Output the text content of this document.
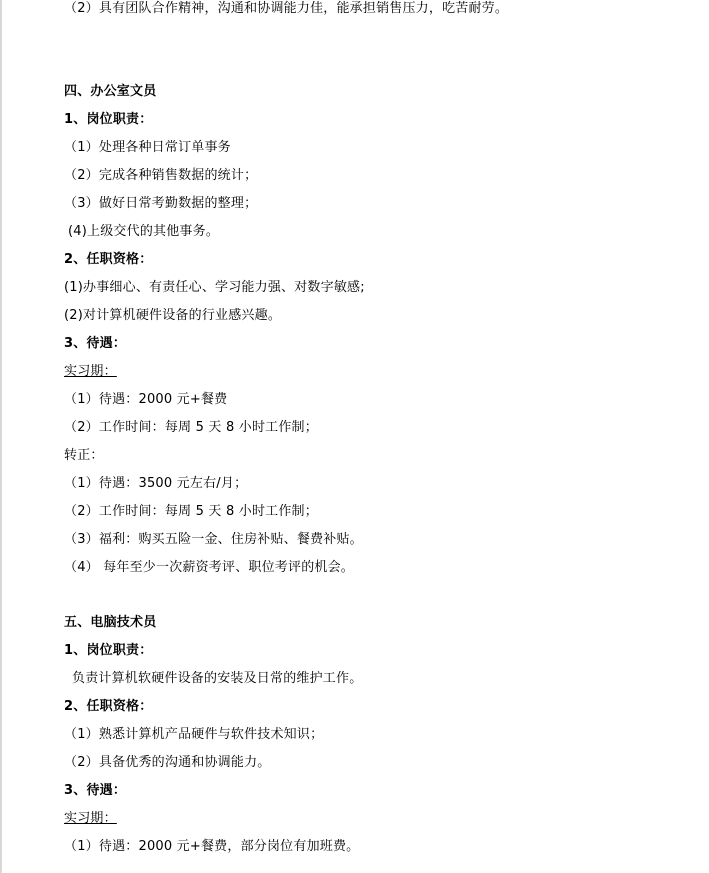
（2）具有团队合作精神，沟通和协调能力佳，能承担销售压力，吃苦耐劳。
四、办公室文员
1、岗位职责：
（1）处理各种日常订单事务
（2）完成各种销售数据的统计；
（3）做好日常考勤数据的整理；
(4)上级交代的其他事务。
2、任职资格：
(1)办事细心、有责任心、学习能力强、对数字敏感;
(2)对计算机硬件设备的行业感兴趣。
3、待遇：
实习期：
（1）待遇：2000 元+餐费
（2）工作时间：每周 5 天 8 小时工作制；
转正：
（1）待遇：3500 元左右/月；
（2）工作时间：每周 5 天 8 小时工作制；
（3）福利：购买五险一金、住房补贴、餐费补贴。
（4） 每年至少一次薪资考评、职位考评的机会。
五、电脑技术员
1、岗位职责：
负责计算机软硬件设备的安装及日常的维护工作。
2、任职资格：
（1）熟悉计算机产品硬件与软件技术知识；
（2）具备优秀的沟通和协调能力。
3、待遇：
实习期：
（1）待遇：2000 元+餐费，部分岗位有加班费。
